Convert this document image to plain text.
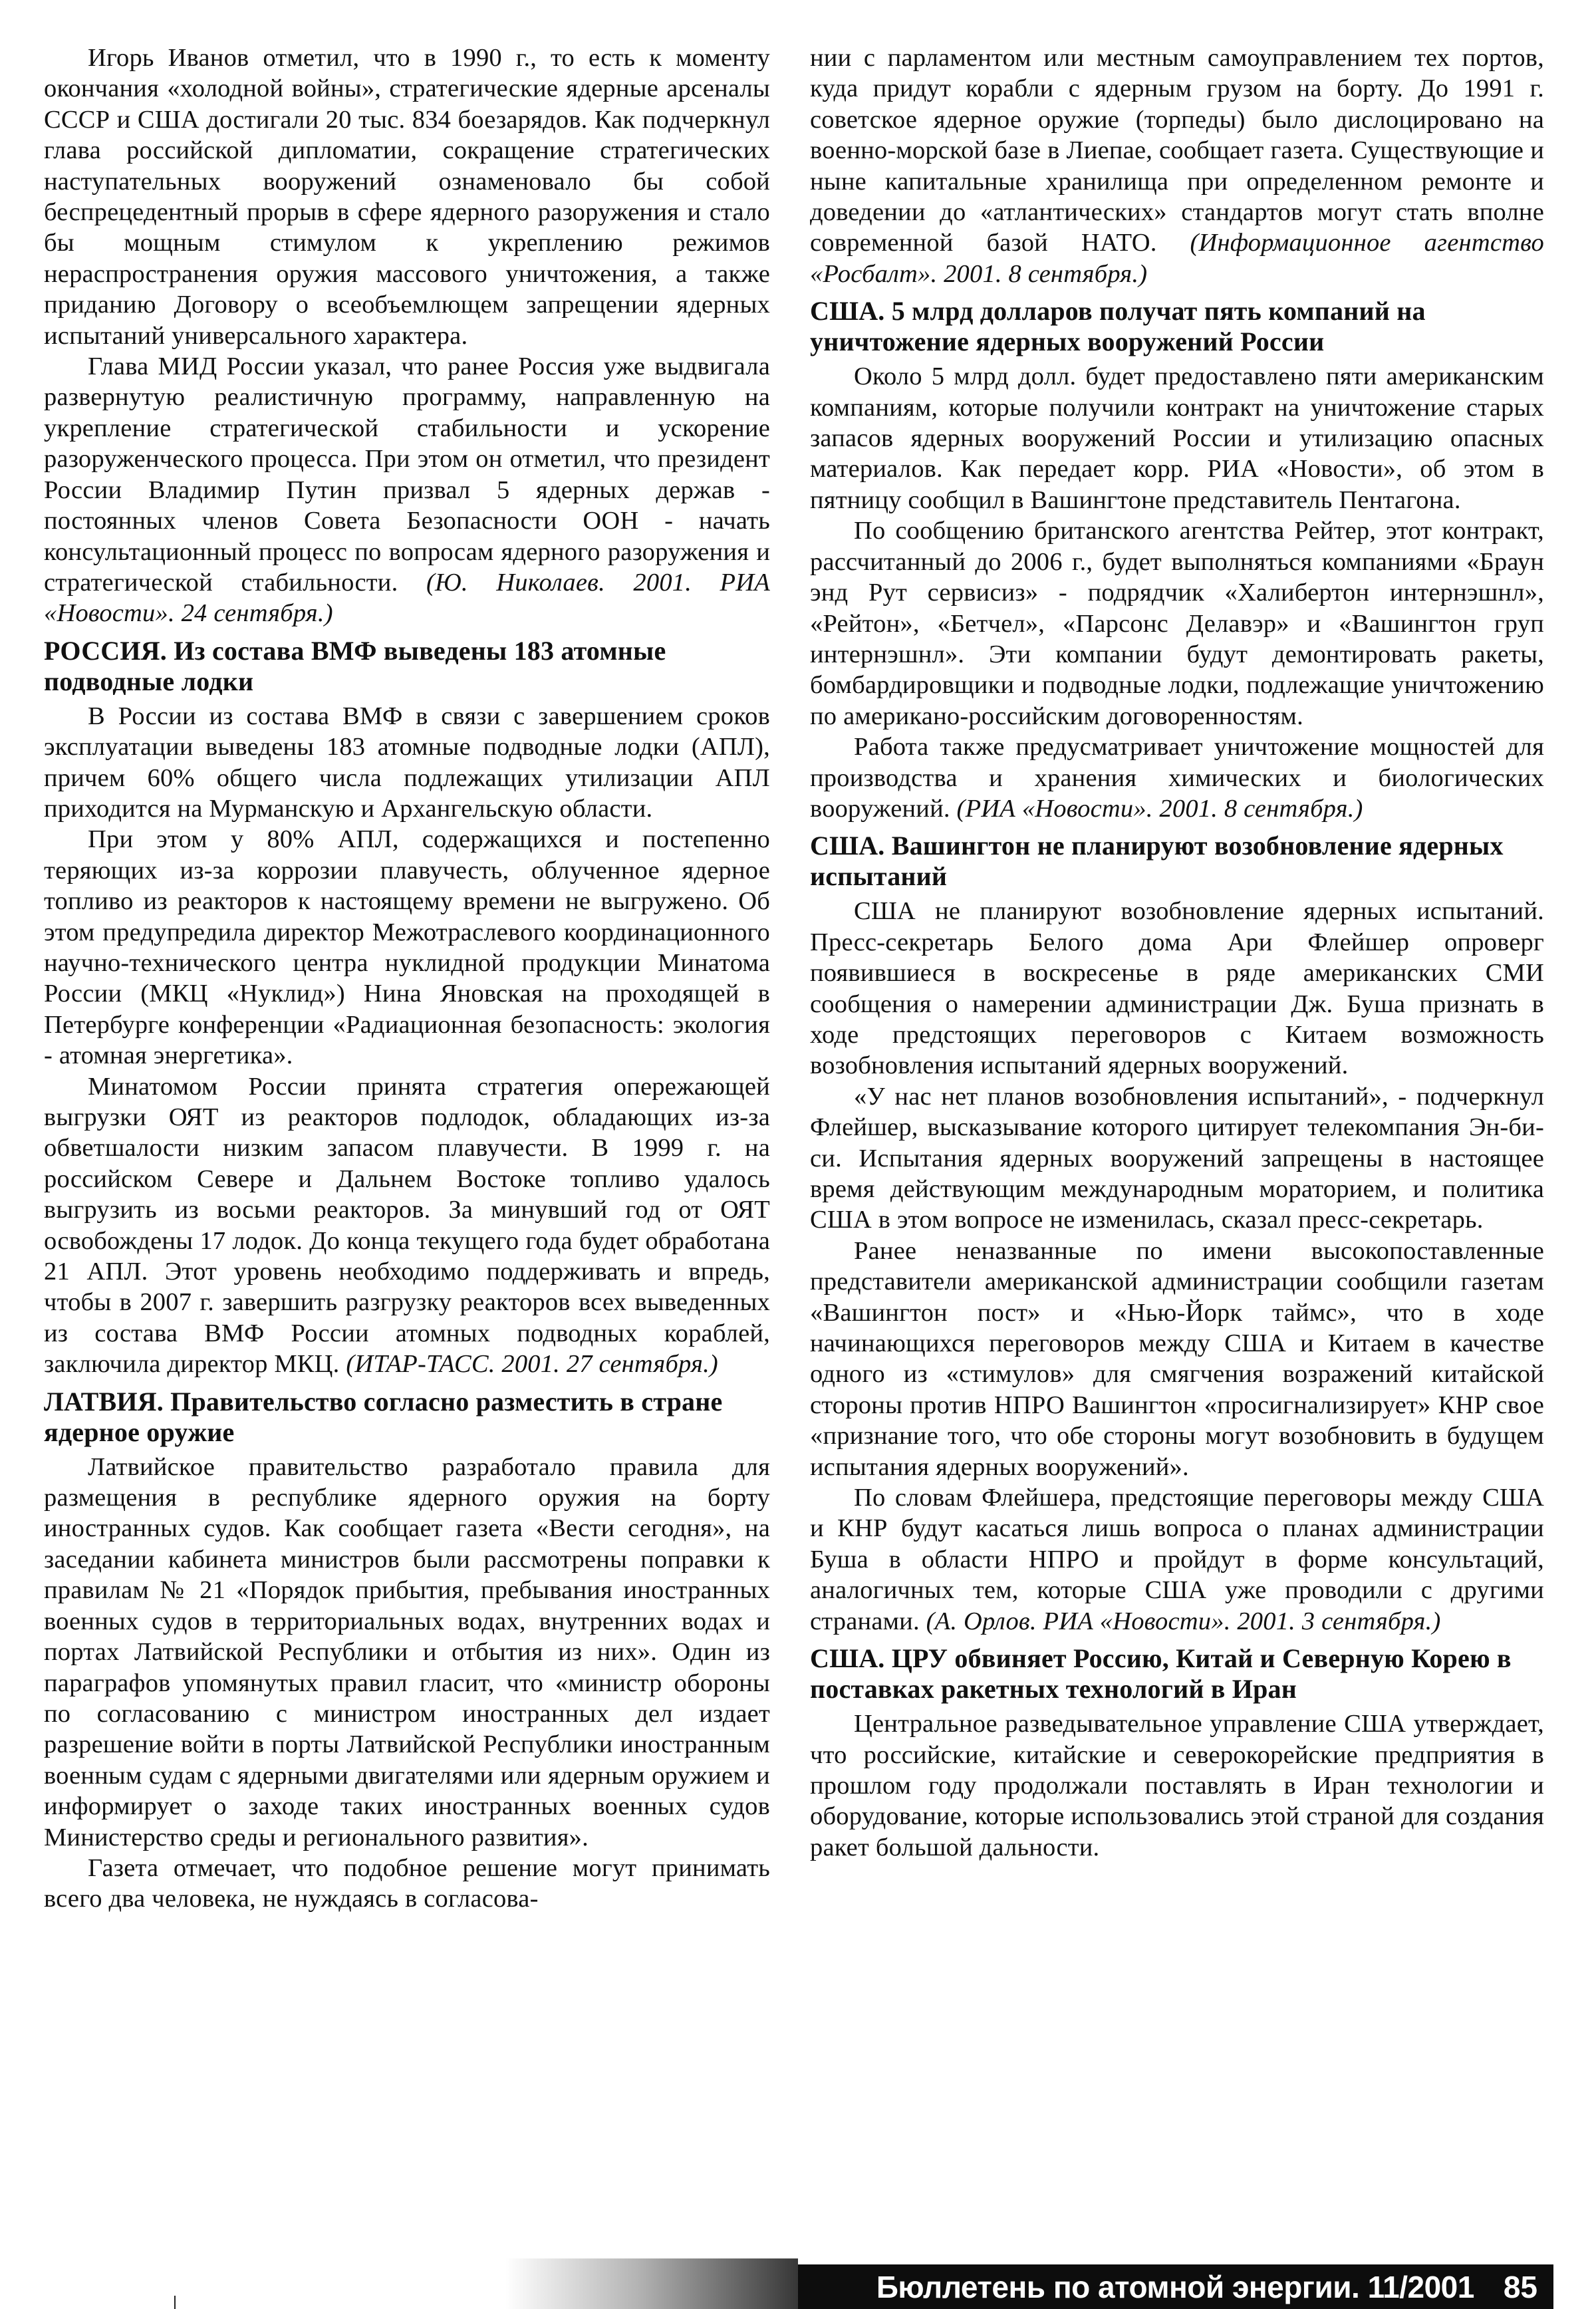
Игорь Иванов отметил, что в 1990 г., то есть к моменту окончания «холодной войны», стратегические ядерные арсеналы СССР и США достигали 20 тыс. 834 боезарядов. Как подчеркнул глава российской дипломатии, сокращение стратегических наступательных вооружений ознаменовало бы собой беспрецедентный прорыв в сфере ядерного разоружения и стало бы мощным стимулом к укреплению режимов нераспространения оружия массового уничтожения, а также приданию Договору о всеобъемлющем запрещении ядерных испытаний универсального характера.

Глава МИД России указал, что ранее Россия уже выдвигала развернутую реалистичную программу, направленную на укрепление стратегической стабильности и ускорение разоруженческого процесса. При этом он отметил, что президент России Владимир Путин призвал 5 ядерных держав - постоянных членов Совета Безопасности ООН - начать консультационный процесс по вопросам ядерного разоружения и стратегической стабильности. (Ю. Николаев. 2001. РИА «Новости». 24 сентября.)

РОССИЯ. Из состава ВМФ выведены 183 атомные подводные лодки

В России из состава ВМФ в связи с завершением сроков эксплуатации выведены 183 атомные подводные лодки (АПЛ), причем 60% общего числа подлежащих утилизации АПЛ приходится на Мурманскую и Архангельскую области.

При этом у 80% АПЛ, содержащихся и постепенно теряющих из-за коррозии плавучесть, облученное ядерное топливо из реакторов к настоящему времени не выгружено. Об этом предупредила директор Межотраслевого координационного научно-технического центра нуклидной продукции Минатома России (МКЦ «Нуклид») Нина Яновская на проходящей в Петербурге конференции «Радиационная безопасность: экология - атомная энергетика».

Минатомом России принята стратегия опережающей выгрузки ОЯТ из реакторов подлодок, обладающих из-за обветшалости низким запасом плавучести. В 1999 г. на российском Севере и Дальнем Востоке топливо удалось выгрузить из восьми реакторов. За минувший год от ОЯТ освобождены 17 лодок. До конца текущего года будет обработана 21 АПЛ. Этот уровень необходимо поддерживать и впредь, чтобы в 2007 г. завершить разгрузку реакторов всех выведенных из состава ВМФ России атомных подводных кораблей, заключила директор МКЦ. (ИТАР-ТАСС. 2001. 27 сентября.)

ЛАТВИЯ. Правительство согласно разместить в стране ядерное оружие

Латвийское правительство разработало правила для размещения в республике ядерного оружия на борту иностранных судов. Как сообщает газета «Вести сегодня», на заседании кабинета министров были рассмотрены поправки к правилам № 21 «Порядок прибытия, пребывания иностранных военных судов в территориальных водах, внутренних водах и портах Латвийской Республики и отбытия из них». Один из параграфов упомянутых правил гласит, что «министр обороны по согласованию с министром иностранных дел издает разрешение войти в порты Латвийской Республики иностранным военным судам с ядерными двигателями или ядерным оружием и информирует о заходе таких иностранных военных судов Министерство среды и регионального развития».

Газета отмечает, что подобное решение могут принимать всего два человека, не нуждаясь в согласова-

нии с парламентом или местным самоуправлением тех портов, куда придут корабли с ядерным грузом на борту. До 1991 г. советское ядерное оружие (торпеды) было дислоцировано на военно-морской базе в Лиепае, сообщает газета. Существующие и ныне капитальные хранилища при определенном ремонте и доведении до «атлантических» стандартов могут стать вполне современной базой НАТО. (Информационное агентство «Росбалт». 2001. 8 сентября.)

США. 5 млрд долларов получат пять компаний на уничтожение ядерных вооружений России

Около 5 млрд долл. будет предоставлено пяти американским компаниям, которые получили контракт на уничтожение старых запасов ядерных вооружений России и утилизацию опасных материалов. Как передает корр. РИА «Новости», об этом в пятницу сообщил в Вашингтоне представитель Пентагона.

По сообщению британского агентства Рейтер, этот контракт, рассчитанный до 2006 г., будет выполняться компаниями «Браун энд Рут сервисиз» - подрядчик «Халибертон интернэшнл», «Рейтон», «Бетчел», «Парсонс Делавэр» и «Вашингтон груп интернэшнл». Эти компании будут демонтировать ракеты, бомбардировщики и подводные лодки, подлежащие уничтожению по американо-российским договоренностям.

Работа также предусматривает уничтожение мощностей для производства и хранения химических и биологических вооружений. (РИА «Новости». 2001. 8 сентября.)

США. Вашингтон не планируют возобновление ядерных испытаний

США не планируют возобновление ядерных испытаний. Пресс-секретарь Белого дома Ари Флейшер опроверг появившиеся в воскресенье в ряде американских СМИ сообщения о намерении администрации Дж. Буша признать в ходе предстоящих переговоров с Китаем возможность возобновления испытаний ядерных вооружений.

«У нас нет планов возобновления испытаний», - подчеркнул Флейшер, высказывание которого цитирует телекомпания Эн-би-си. Испытания ядерных вооружений запрещены в настоящее время действующим международным мораторием, и политика США в этом вопросе не изменилась, сказал пресс-секретарь.

Ранее неназванные по имени высокопоставленные представители американской администрации сообщили газетам «Вашингтон пост» и «Нью-Йорк таймс», что в ходе начинающихся переговоров между США и Китаем в качестве одного из «стимулов» для смягчения возражений китайской стороны против НПРО Вашингтон «просигнализирует» КНР свое «признание того, что обе стороны могут возобновить в будущем испытания ядерных вооружений».

По словам Флейшера, предстоящие переговоры между США и КНР будут касаться лишь вопроса о планах администрации Буша в области НПРО и пройдут в форме консультаций, аналогичных тем, которые США уже проводили с другими странами. (А. Орлов. РИА «Новости». 2001. 3 сентября.)

США. ЦРУ обвиняет Россию, Китай и Северную Корею в поставках ракетных технологий в Иран

Центральное разведывательное управление США утверждает, что российские, китайские и северокорейские предприятия в прошлом году продолжали поставлять в Иран технологии и оборудование, которые использовались этой страной для создания ракет большой дальности.

Бюллетень по атомной энергии. 11/2001 85
